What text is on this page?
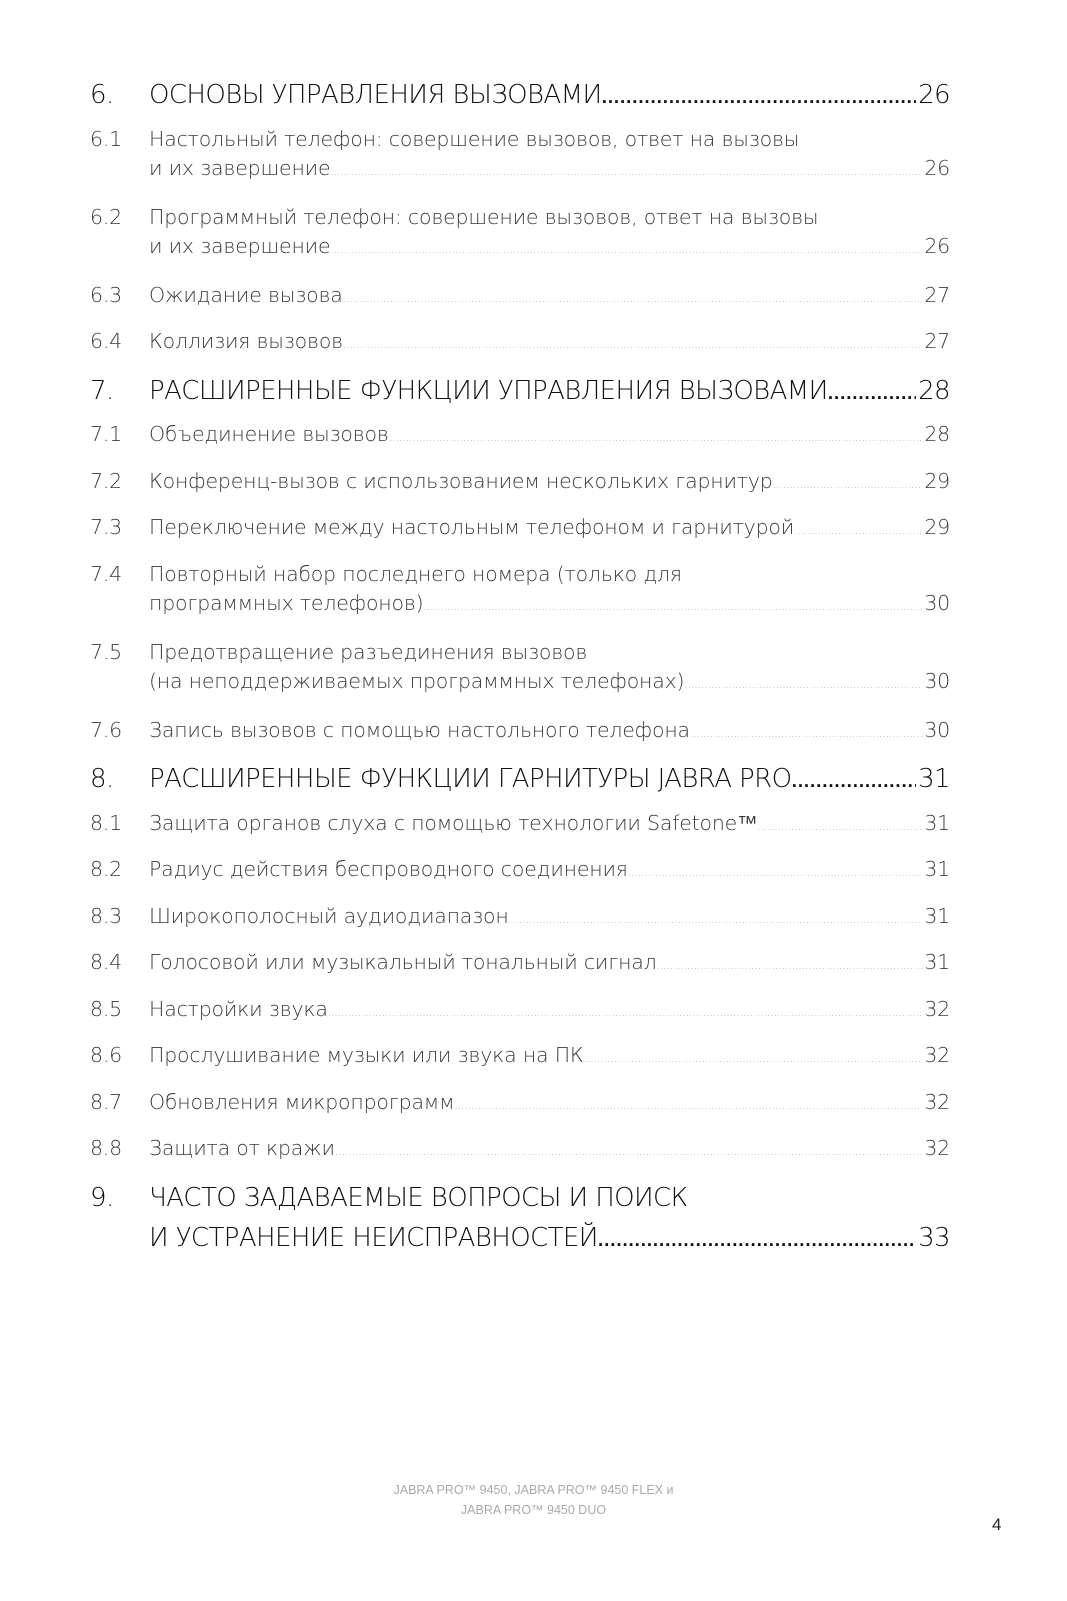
6.	ОСНОВЫ УПРАВЛЕНИЯ ВЫЗОВАМИ .....	26
6.1	Настольный телефон: совершение вызовов, ответ на вызовы
и их завершение .....	26
6.2	Программный телефон: совершение вызовов, ответ на вызовы
и их завершение .....	26
6.3	Ожидание вызова .....	27
6.4	Коллизия вызовов .....	27
7.	РАСШИРЕННЫЕ ФУНКЦИИ УПРАВЛЕНИЯ ВЫЗОВАМИ .....	28
7.1	Объединение вызовов .....	28
7.2	Конференц-вызов с использованием нескольких гарнитур .....	29
7.3	Переключение между настольным телефоном и гарнитурой .....	29
7.4	Повторный набор последнего номера (только для
программных телефонов) .....	30
7.5	Предотвращение разъединения вызовов
(на неподдерживаемых программных телефонах) .....	30
7.6	Запись вызовов с помощью настольного телефона .....	30
8.	РАСШИРЕННЫЕ ФУНКЦИИ ГАРНИТУРЫ JABRA PRO .....	31
8.1	Защита органов слуха с помощью технологии Safetone™ .....	31
8.2	Радиус действия беспроводного соединения .....	31
8.3	Широкополосный аудиодиапазон .....	31
8.4	Голосовой или музыкальный тональный сигнал .....	31
8.5	Настройки звука .....	32
8.6	Прослушивание музыки или звука на ПК .....	32
8.7	Обновления микропрограмм .....	32
8.8	Защита от кражи .....	32
9.	ЧАСТО ЗАДАВАЕМЫЕ ВОПРОСЫ И ПОИСК
И УСТРАНЕНИЕ НЕИСПРАВНОСТЕЙ .....	33
JABRA PRO™ 9450, JABRA PRO™ 9450 FLEX и
JABRA PRO™ 9450 DUO
4
